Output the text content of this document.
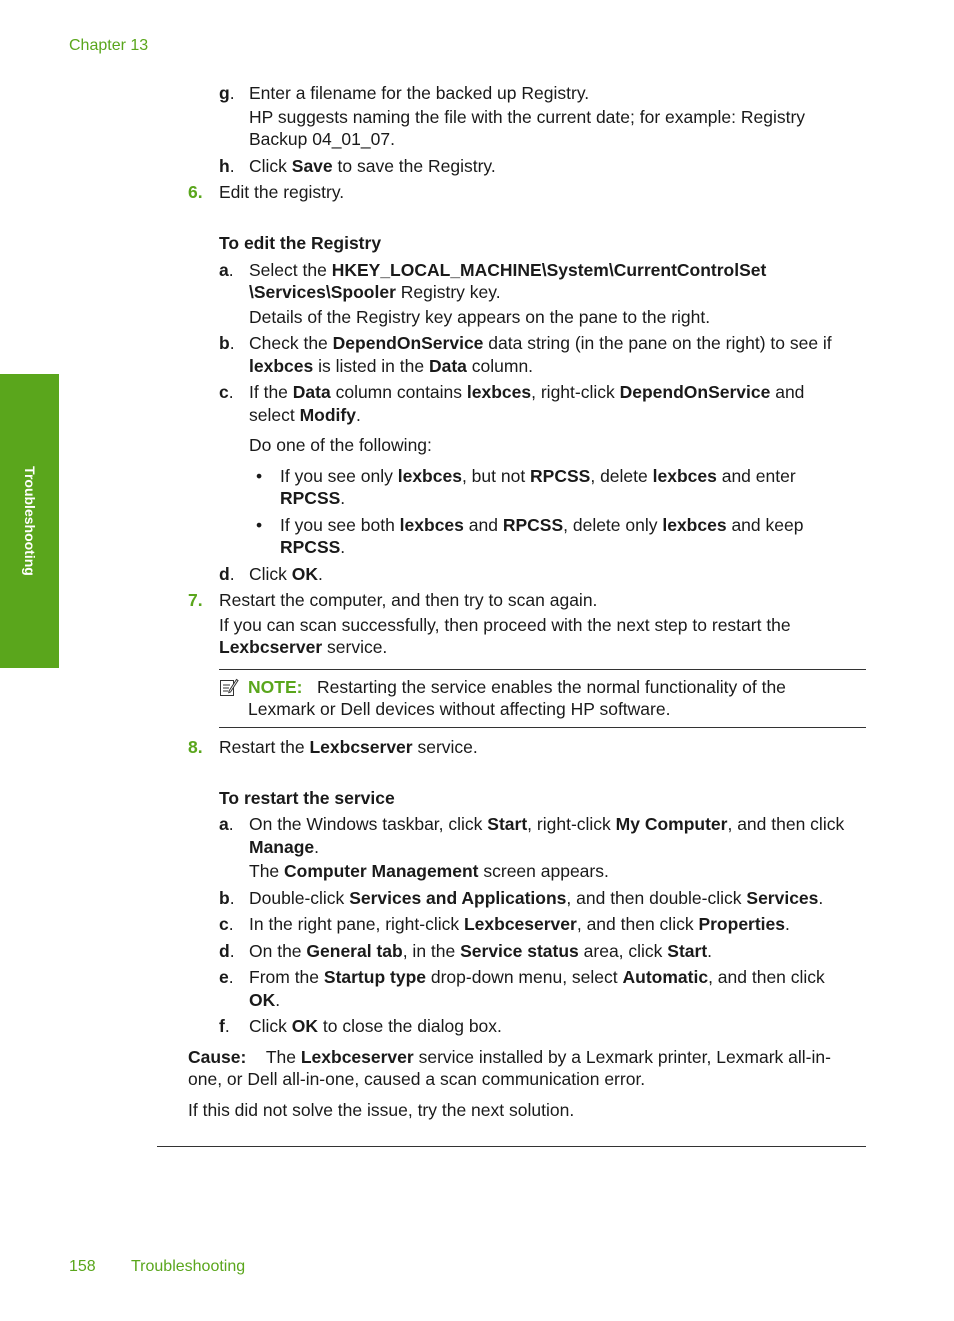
Chapter 13
Troubleshooting
g. Enter a filename for the backed up Registry.
HP suggests naming the file with the current date; for example: Registry
Backup 04_01_07.
h. Click Save to save the Registry.
6. Edit the registry.
To edit the Registry
a. Select the HKEY_LOCAL_MACHINE\System\CurrentControlSet
\Services\Spooler Registry key.
Details of the Registry key appears on the pane to the right.
b. Check the DependOnService data string (in the pane on the right) to see if
lexbces is listed in the Data column.
c. If the Data column contains lexbces, right-click DependOnService and
select Modify.
Do one of the following:
• If you see only lexbces, but not RPCSS, delete lexbces and enter
RPCSS.
• If you see both lexbces and RPCSS, delete only lexbces and keep
RPCSS.
d. Click OK.
7. Restart the computer, and then try to scan again.
If you can scan successfully, then proceed with the next step to restart the
Lexbcserver service.
NOTE: Restarting the service enables the normal functionality of the
Lexmark or Dell devices without affecting HP software.
8. Restart the Lexbcserver service.
To restart the service
a. On the Windows taskbar, click Start, right-click My Computer, and then click
Manage.
The Computer Management screen appears.
b. Double-click Services and Applications, and then double-click Services.
c. In the right pane, right-click Lexbceserver, and then click Properties.
d. On the General tab, in the Service status area, click Start.
e. From the Startup type drop-down menu, select Automatic, and then click
OK.
f. Click OK to close the dialog box.
Cause: The Lexbceserver service installed by a Lexmark printer, Lexmark all-in-
one, or Dell all-in-one, caused a scan communication error.
If this did not solve the issue, try the next solution.
158 Troubleshooting
